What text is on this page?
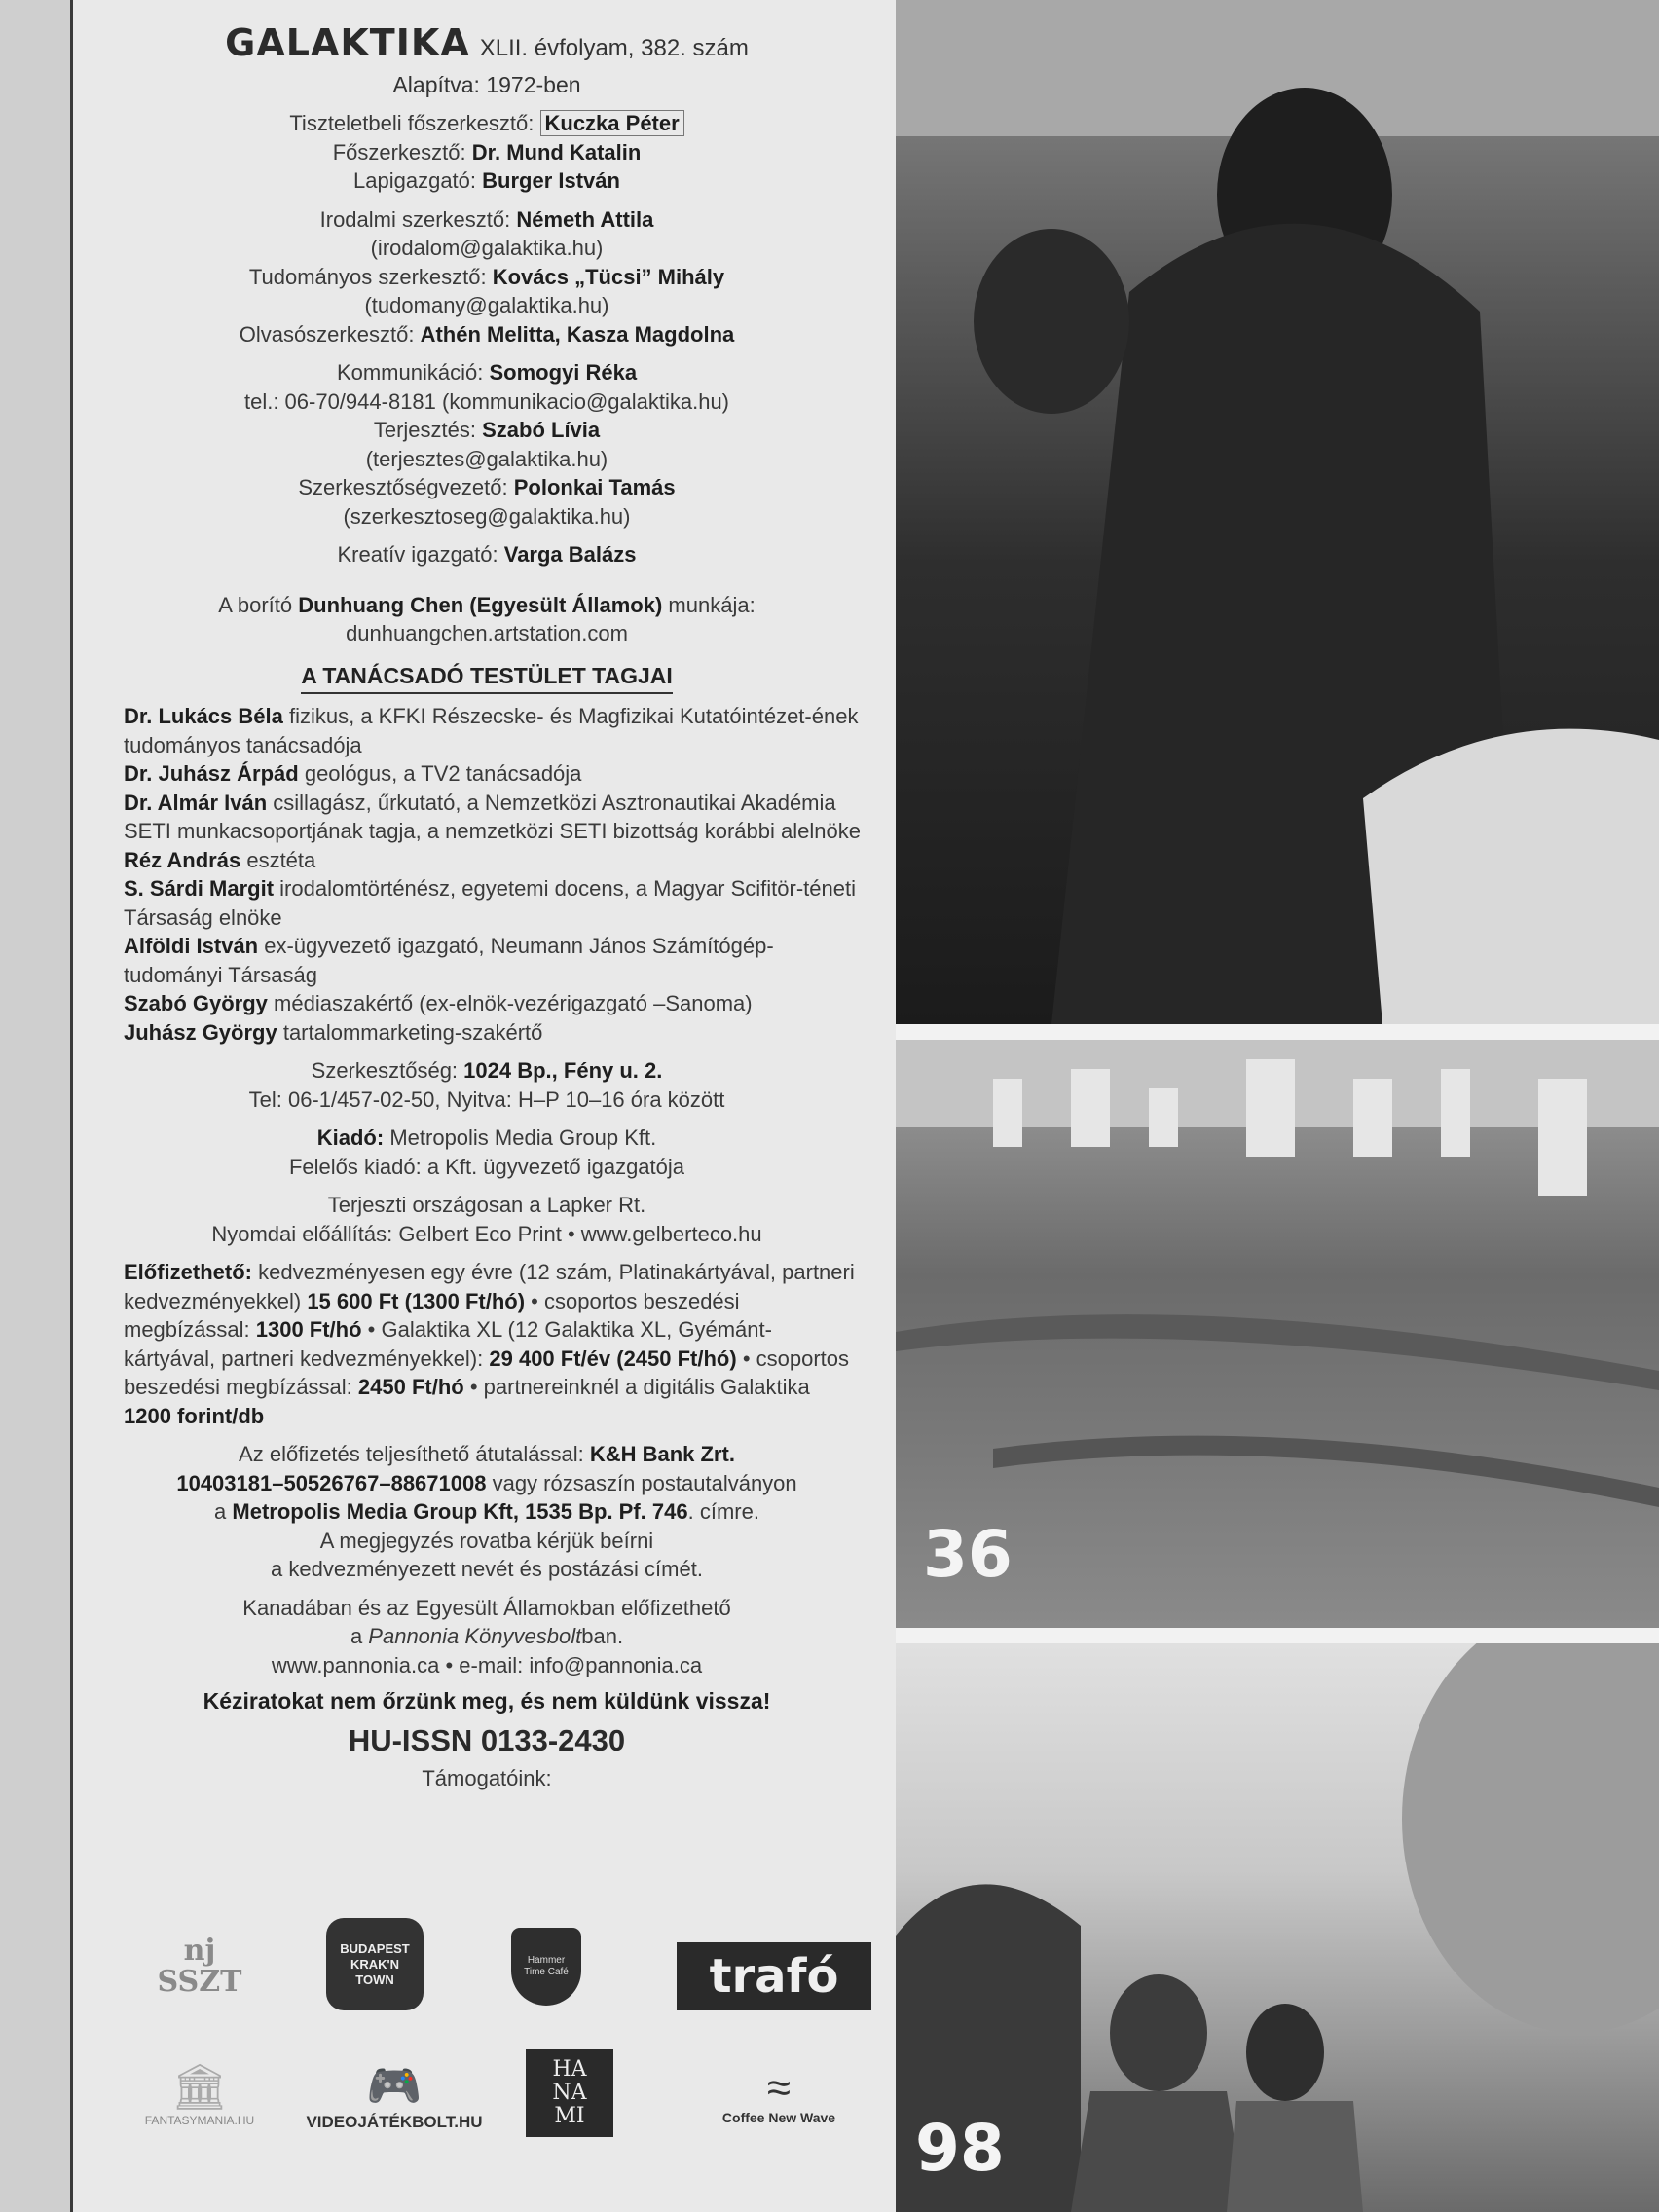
GALAKTIKA XLII. évfolyam, 382. szám
Alapítva: 1972-ben
Tiszteletbeli főszerkesztő: Kuczka Péter
Főszerkesztő: Dr. Mund Katalin
Lapigazgató: Burger István
Irodalmi szerkesztő: Németh Attila
(irodalom@galaktika.hu)
Tudományos szerkesztő: Kovács „Tücsi” Mihály
(tudomany@galaktika.hu)
Olvasószerkesztő: Athén Melitta, Kasza Magdolna
Kommunikáció: Somogyi Réka
tel.: 06-70/944-8181 (kommunikacio@galaktika.hu)
Terjesztés: Szabó Lívia
(terjesztes@galaktika.hu)
Szerkesztőségvezető: Polonkai Tamás
(szerkesztoseg@galaktika.hu)
Kreatív igazgató: Varga Balázs
A borító Dunhuang Chen (Egyesült Államok) munkája:
dunhuangchen.artstation.com
A TANÁCSADÓ TESTÜLET TAGJAI
Dr. Lukács Béla fizikus, a KFKI Részecske- és Magfizikai Kutatóintézet-ének tudományos tanácsadója
Dr. Juhász Árpád geológus, a TV2 tanácsadója
Dr. Almár Iván csillagász, űrkutató, a Nemzetközi Asztronautikai Akadémia SETI munkacsoportjának tagja, a nemzetközi SETI bizottság korábbi alelnöke
Réz András esztéta
S. Sárdi Margit irodalomtörténész, egyetemi docens, a Magyar Scifitör-téneti Társaság elnöke
Alföldi István ex-ügyvezető igazgató, Neumann János Számítógép-tudományi Társaság
Szabó György médiaszakértő (ex-elnök-vezérigazgató –Sanoma)
Juhász György tartalommarketing-szakértő
Szerkesztőség: 1024 Bp., Fény u. 2.
Tel: 06-1/457-02-50, Nyitva: H–P 10–16 óra között
Kiadó: Metropolis Media Group Kft.
Felelős kiadó: a Kft. ügyvezető igazgatója
Terjeszti országosan a Lapker Rt.
Nyomdai előállítás: Gelbert Eco Print • www.gelberteco.hu
Előfizethető: kedvezményesen egy évre (12 szám, Platinakártyával, partneri kedvezményekkel) 15 600 Ft (1300 Ft/hó) • csoportos beszedési megbízással: 1300 Ft/hó • Galaktika XL (12 Galaktika XL, Gyémánt-kártyával, partneri kedvezményekkel): 29 400 Ft/év (2450 Ft/hó) • csoportos beszedési megbízással: 2450 Ft/hó • partnereinknél a digitális Galaktika 1200 forint/db
Az előfizetés teljesíthető átutalással: K&H Bank Zrt.
10403181–50526767–88671008 vagy rózsaszín postautalványon
a Metropolis Media Group Kft, 1535 Bp. Pf. 746. címre.
A megjegyzés rovatba kérjük beírni
a kedvezményezett nevét és postázási címét.
Kanadában és az Egyesült Államokban előfizethető
a Pannonia Könyvesboltban.
www.pannonia.ca • e-mail: info@pannonia.ca
Kéziratokat nem őrzünk meg, és nem küldünk vissza!
HU-ISSN 0133-2430
Támogatóink:
nj SSZT
BUDAPEST KRAK'N TOWN
Hammer Time Café	trafó
🏛
FANTASYMANIA.HU
🎮
VIDEOJÁTÉKBOLT.HU
HA NA MI
≈
Coffee New Wave
36
98
